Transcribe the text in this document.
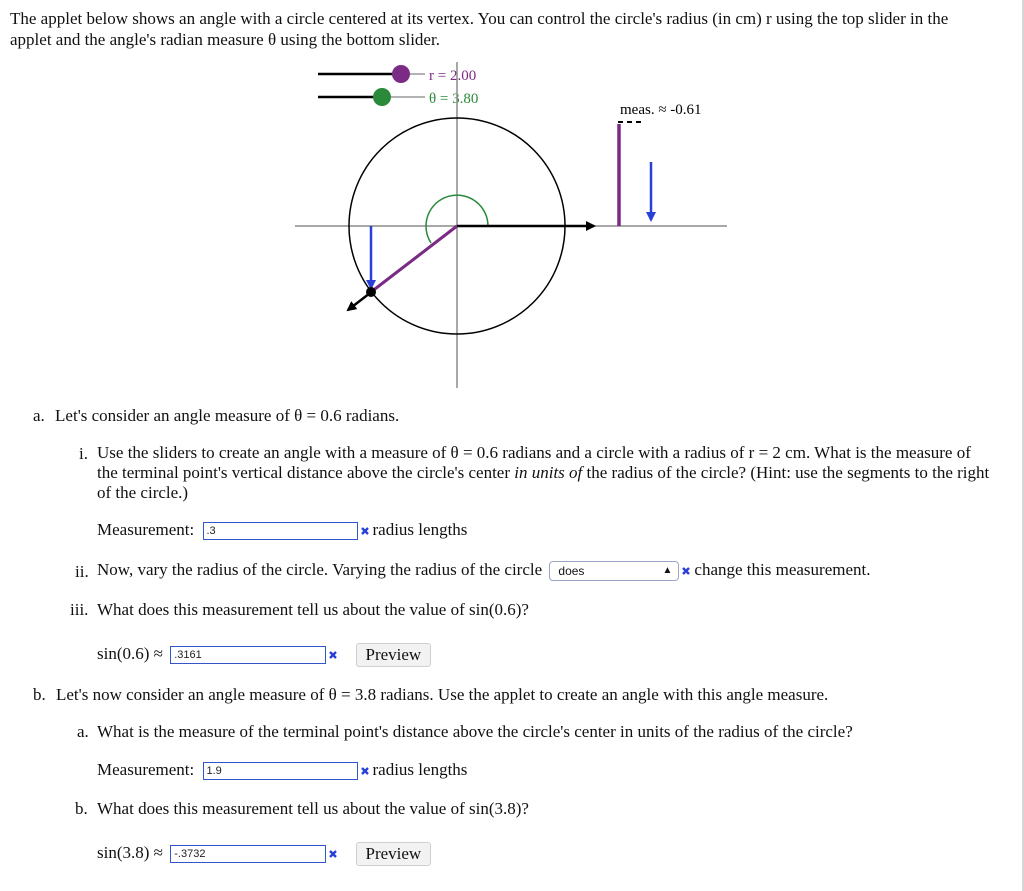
The applet below shows an angle with a circle centered at its vertex. You can control the circle's radius (in cm) r using the top slider in the
applet and the angle's radian measure θ using the bottom slider.
r = 2.00
θ = 3.80
meas. ≈ -0.61
a. Let's consider an angle measure of θ = 0.6 radians.
i. Use the sliders to create an angle with a measure of θ = 0.6 radians and a circle with a radius of r = 2 cm. What is the measure of
the terminal point's vertical distance above the circle's center in units of the radius of the circle? (Hint: use the segments to the right
of the circle.)
Measurement: .3	radius lengths
ii. Now, vary the radius of the circle. Varying the radius of the circle does	▲ change this measurement.
iii. What does this measurement tell us about the value of sin(0.6)?
sin(0.6) ≈ .3161	Preview
b. Let's now consider an angle measure of θ = 3.8 radians. Use the applet to create an angle with this angle measure.
a. What is the measure of the terminal point's distance above the circle's center in units of the radius of the circle?
Measurement: 1.9	radius lengths
b. What does this measurement tell us about the value of sin(3.8)?
sin(3.8) ≈ -.3732	Preview
